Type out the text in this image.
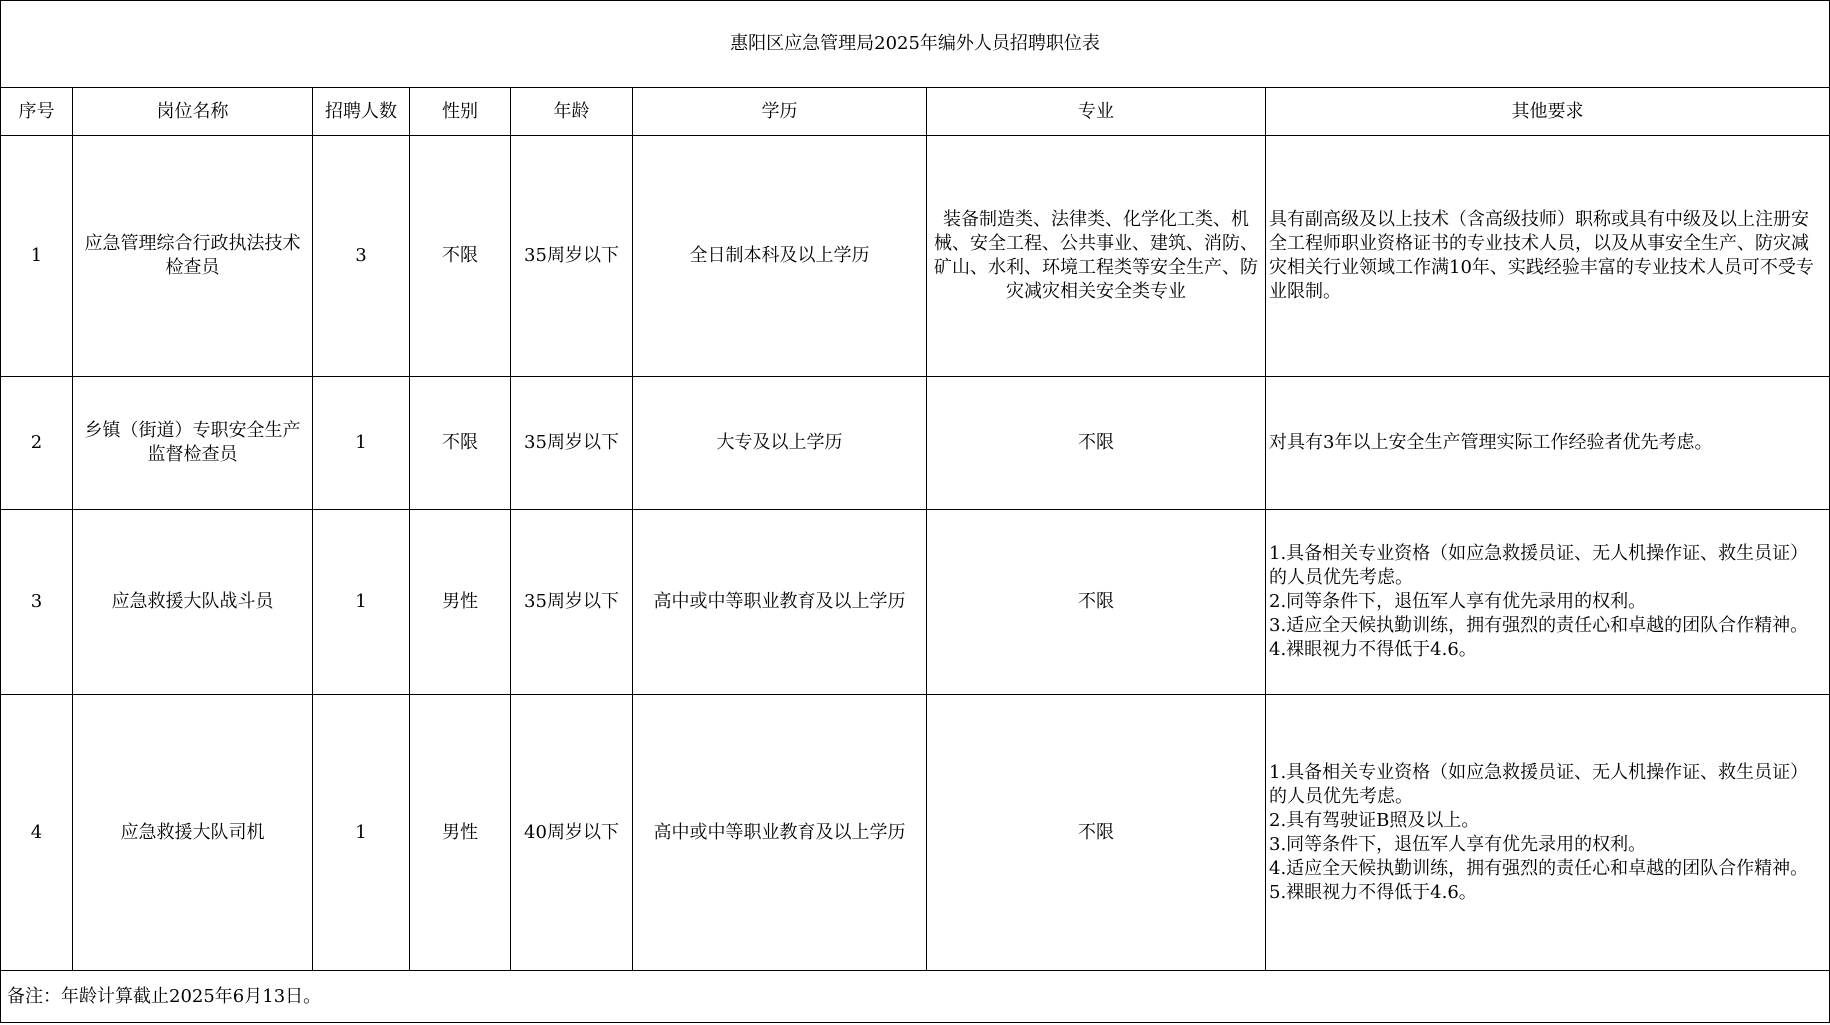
惠阳区应急管理局2025年编外人员招聘职位表							
序号	岗位名称	招聘人数	性别	年龄	学历	专业	其他要求
1	应急管理综合行政执法技术检查员	3	不限	35周岁以下	全日制本科及以上学历	装备制造类、法律类、化学化工类、机械、安全工程、公共事业、建筑、消防、矿山、水利、环境工程类等安全生产、防灾减灾相关安全类专业	具有副高级及以上技术（含高级技师）职称或具有中级及以上注册安全工程师职业资格证书的专业技术人员，以及从事安全生产、防灾减灾相关行业领域工作满10年、实践经验丰富的专业技术人员可不受专业限制。

2	乡镇（街道）专职安全生产监督检查员	1	不限	35周岁以下	大专及以上学历	不限	对具有3年以上安全生产管理实际工作经验者优先考虑。

3	应急救援大队战斗员	1	男性	35周岁以下	高中或中等职业教育及以上学历	不限	1.具备相关专业资格（如应急救援员证、无人机操作证、救生员证）的人员优先考虑。
2.同等条件下，退伍军人享有优先录用的权利。
3.适应全天候执勤训练，拥有强烈的责任心和卓越的团队合作精神。
4.裸眼视力不得低于4.6。

4	应急救援大队司机	1	男性	40周岁以下	高中或中等职业教育及以上学历	不限	1.具备相关专业资格（如应急救援员证、无人机操作证、救生员证）的人员优先考虑。
2.具有驾驶证B照及以上。
3.同等条件下，退伍军人享有优先录用的权利。
4.适应全天候执勤训练，拥有强烈的责任心和卓越的团队合作精神。
5.裸眼视力不得低于4.6。

备注：年龄计算截止2025年6月13日。							
